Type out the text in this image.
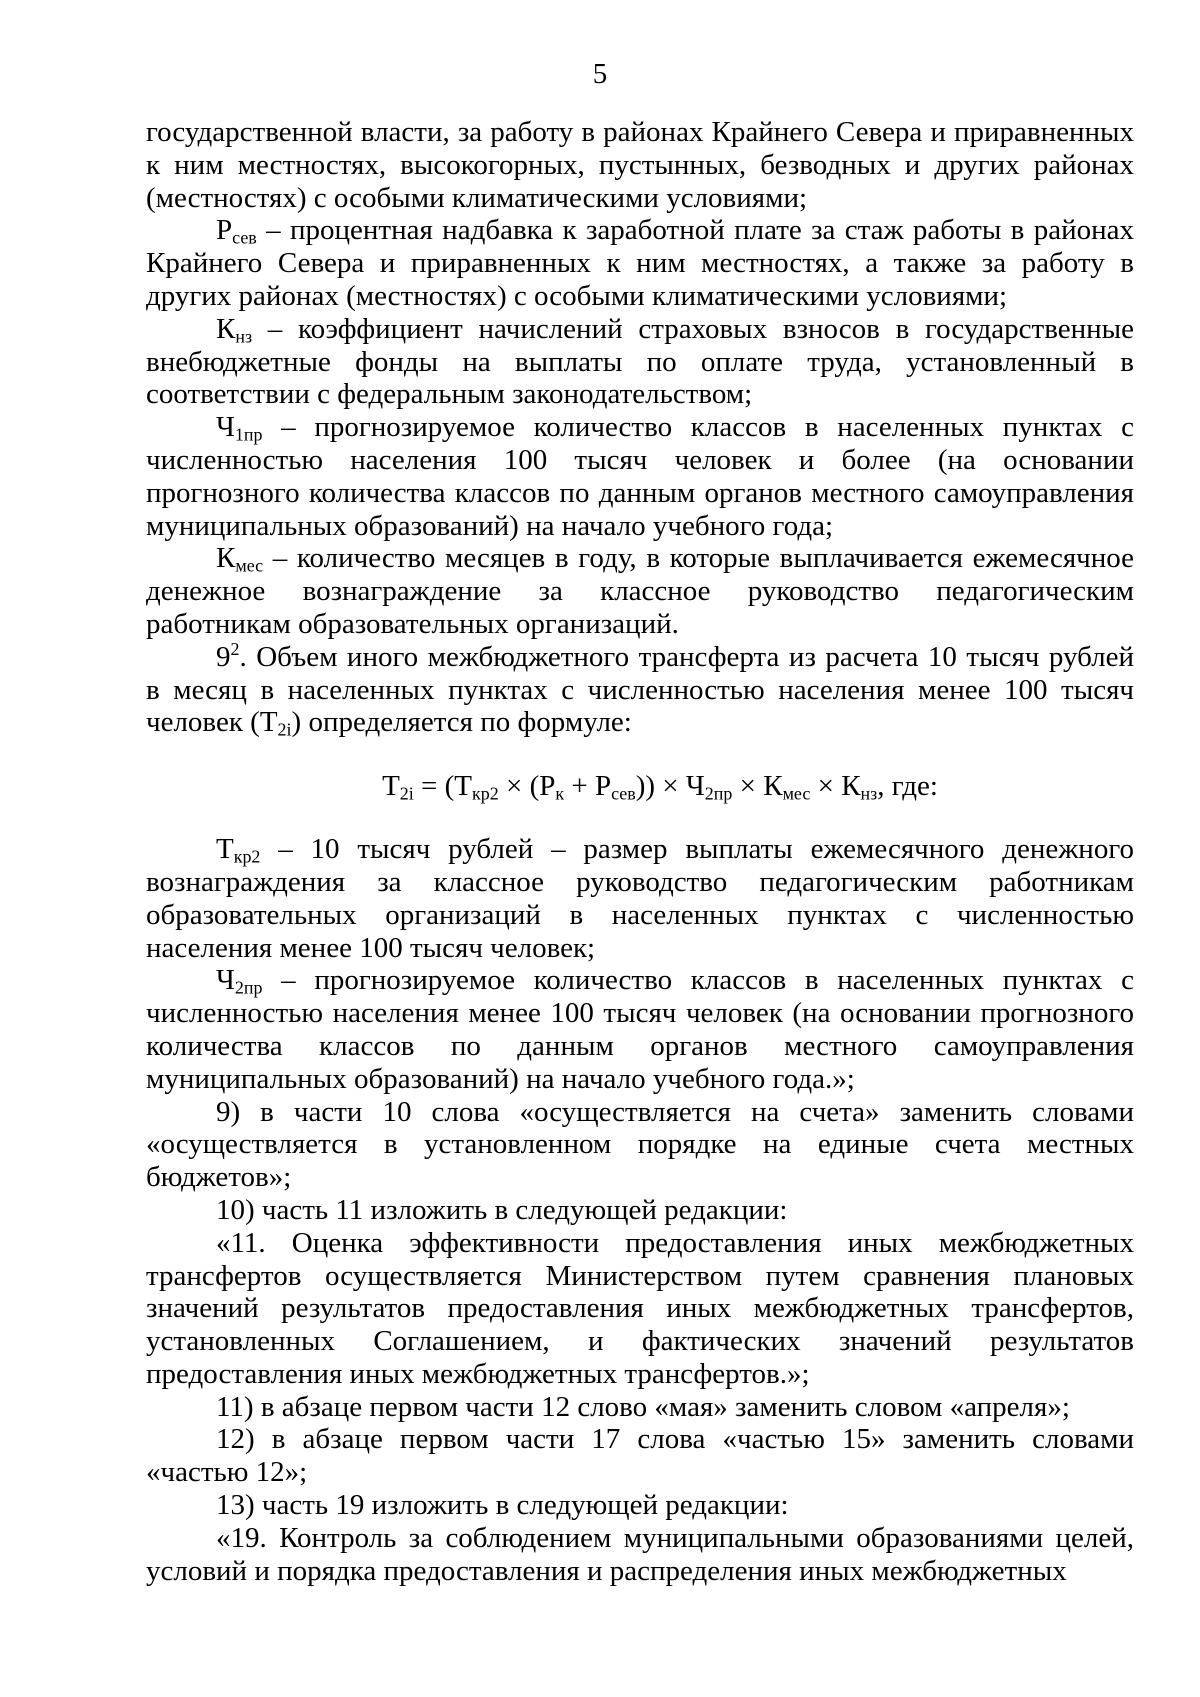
5

государственной власти, за работу в районах Крайнего Севера и приравненных к ним местностях, высокогорных, пустынных, безводных и других районах (местностях) с особыми климатическими условиями;

$Р_{сев}$ – процентная надбавка к заработной плате за стаж работы в районах Крайнего Севера и приравненных к ним местностях, а также за работу в других районах (местностях) с особыми климатическими условиями;

$К_{нз}$ – коэффициент начислений страховых взносов в государственные внебюджетные фонды на выплаты по оплате труда, установленный в соответствии с федеральным законодательством;

$Ч_{1пр}$ – прогнозируемое количество классов в населенных пунктах с численностью населения 100 тысяч человек и более (на основании прогнозного количества классов по данным органов местного самоуправления муниципальных образований) на начало учебного года;

$К_{мес}$ – количество месяцев в году, в которые выплачивается ежемесячное денежное вознаграждение за классное руководство педагогическим работникам образовательных организаций.

$9^2$. Объем иного межбюджетного трансферта из расчета 10 тысяч рублей в месяц в населенных пунктах с численностью населения менее 100 тысяч человек $(Т_{2i})$ определяется по формуле:

$Т_{2i} = (Т_{кр2} \times (Р_к + Р_{сев})) \times Ч_{2пр} \times К_{мес} \times К_{нз}$, где:

$Т_{кр2} - 10$ тысяч рублей – размер выплаты ежемесячного денежного вознаграждения за классное руководство педагогическим работникам образовательных организаций в населенных пунктах с численностью населения менее 100 тысяч человек;

$Ч_{2пр}$ – прогнозируемое количество классов в населенных пунктах с численностью населения менее 100 тысяч человек (на основании прогнозного количества классов по данным органов местного самоуправления муниципальных образований) на начало учебного года.»;

9) в части 10 слова «осуществляется на счета» заменить словами «осуществляется в установленном порядке на единые счета местных бюджетов»;

10) часть 11 изложить в следующей редакции:

«11. Оценка эффективности предоставления иных межбюджетных трансфертов осуществляется Министерством путем сравнения плановых значений результатов предоставления иных межбюджетных трансфертов, установленных Соглашением, и фактических значений результатов предоставления иных межбюджетных трансфертов.»;

11) в абзаце первом части 12 слово «мая» заменить словом «апреля»;

12) в абзаце первом части 17 слова «частью 15» заменить словами «частью 12»;

13) часть 19 изложить в следующей редакции:

«19. Контроль за соблюдением муниципальными образованиями целей, условий и порядка предоставления и распределения иных межбюджетных
